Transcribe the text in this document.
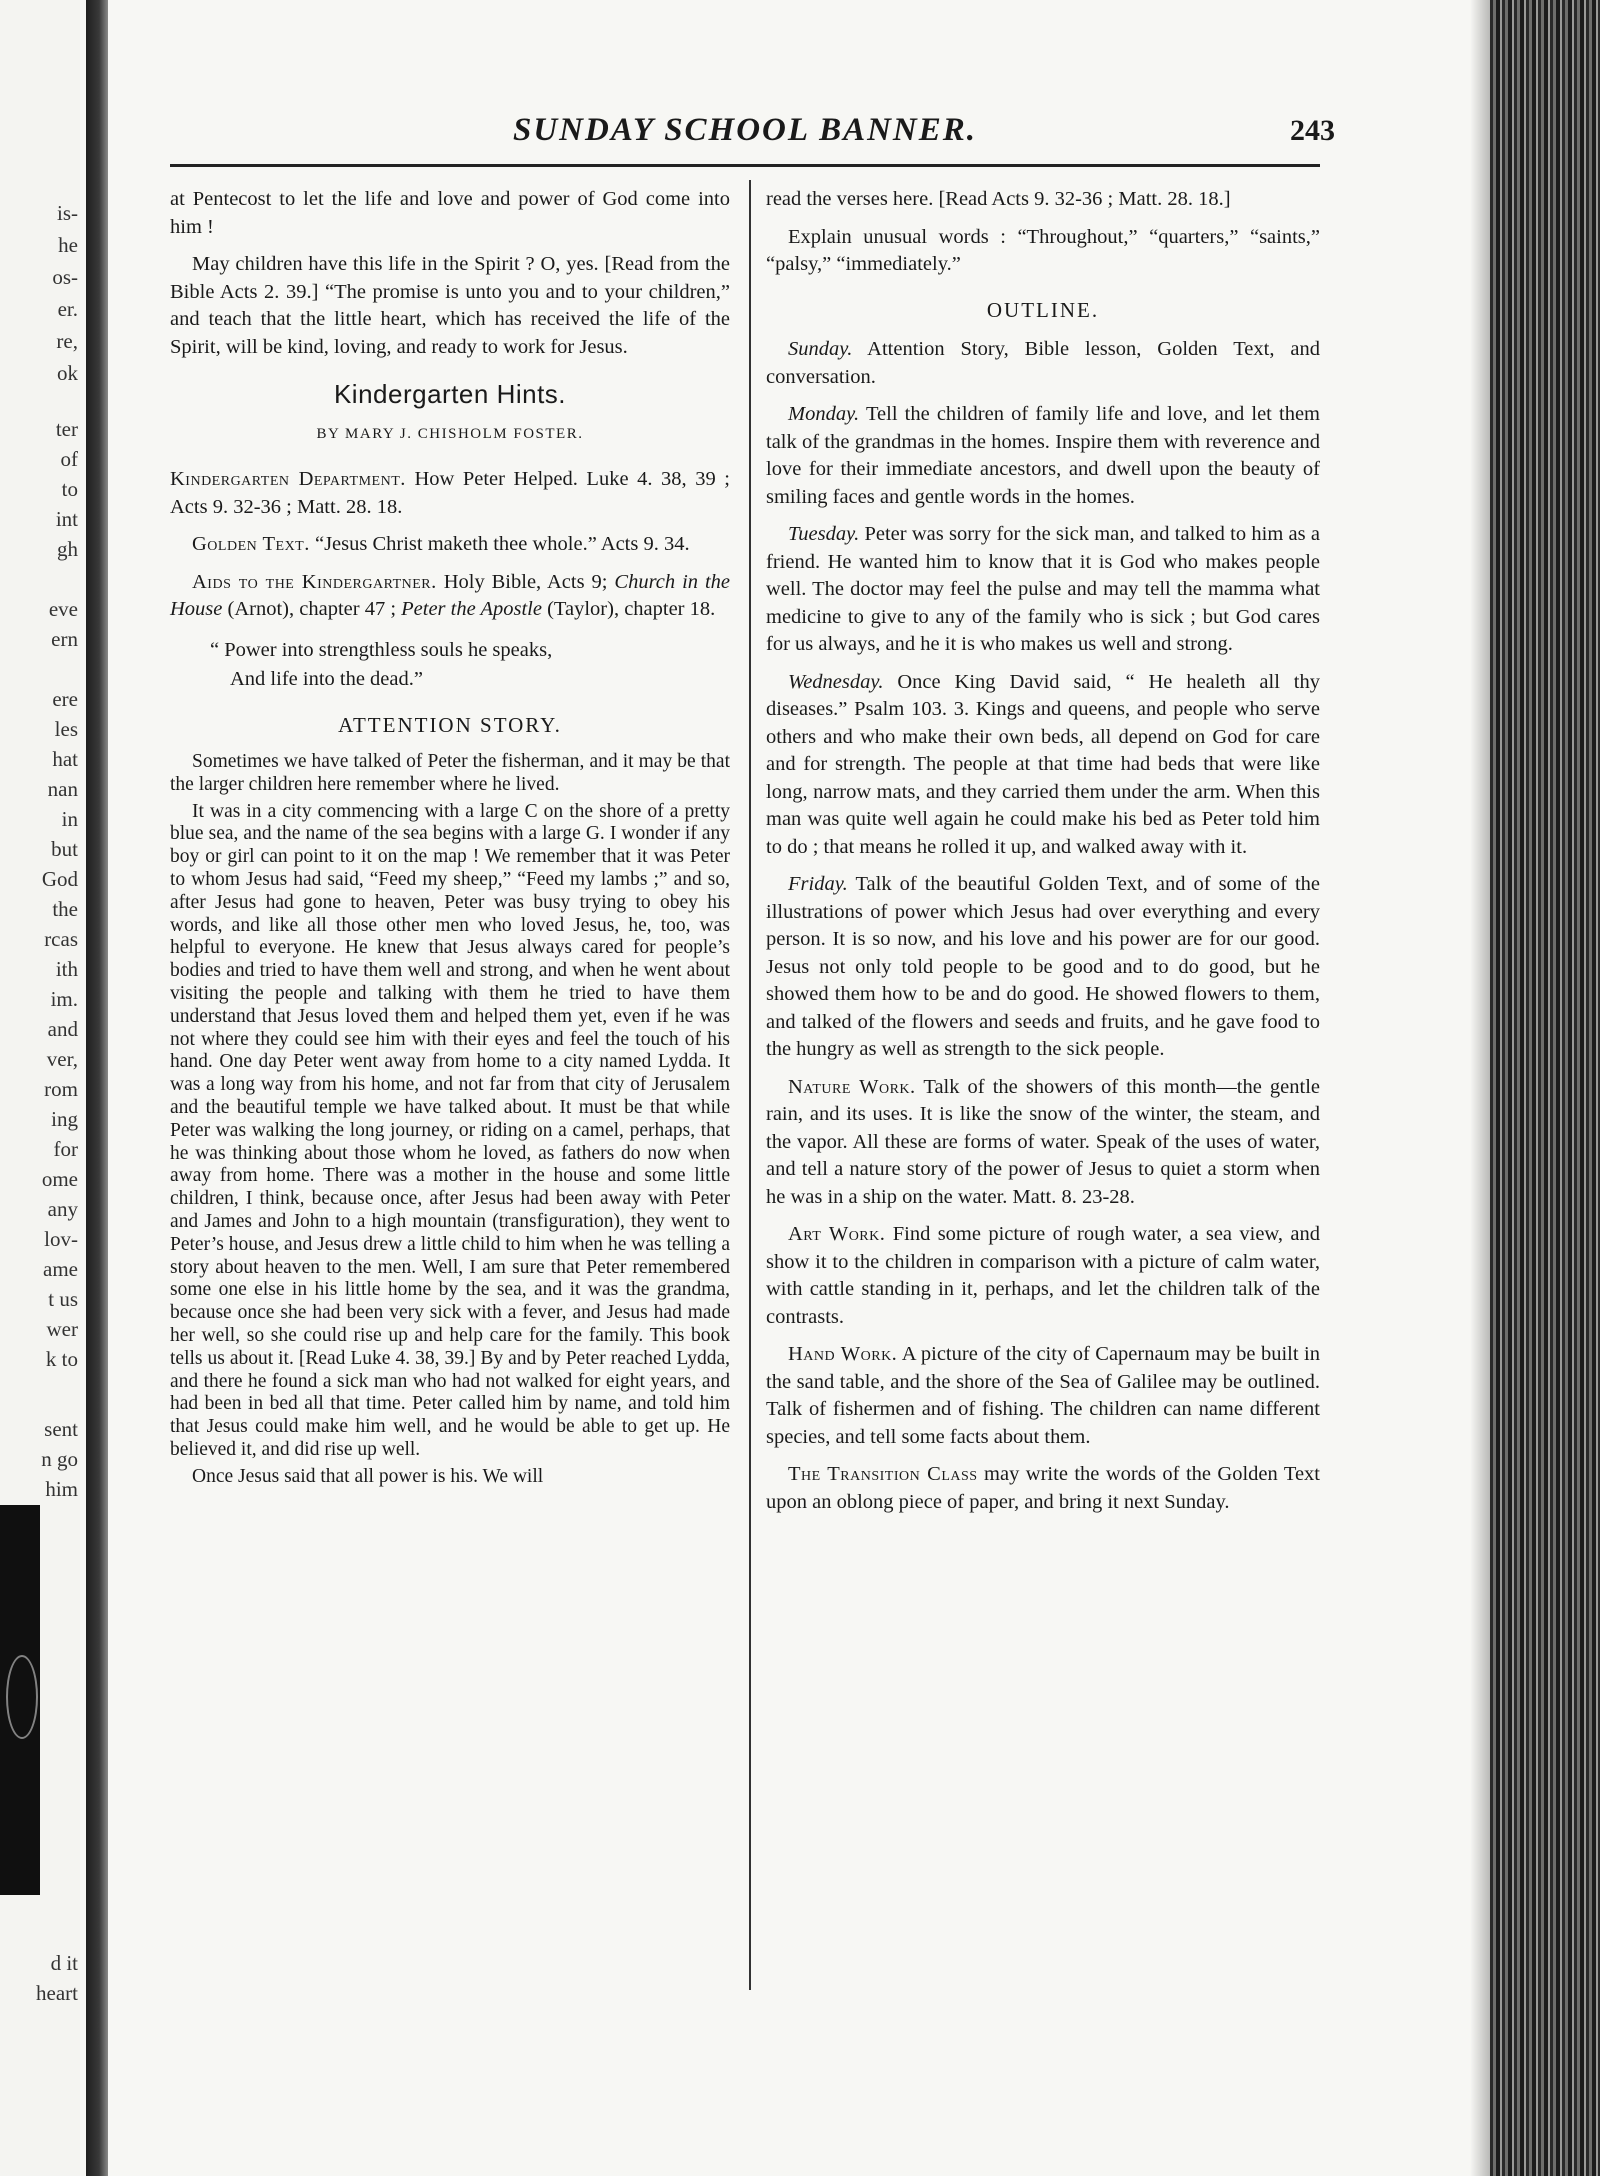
is-
he
os-
er.
re,
ok
ter
of
to
int
gh
eve
ern
ere
les
hat
nan
in
but
God
the
rcas
ith
im.
and
ver,
rom
ing
for
ome
any
lov-
ame
t us
wer
k to
sent
n go
him
d it
heart
SUNDAY SCHOOL BANNER.	243

at Pentecost to let the life and love and power of God come into him !

May children have this life in the Spirit ? O, yes. [Read from the Bible Acts 2. 39.] “The promise is unto you and to your children,” and teach that the little heart, which has received the life of the Spirit, will be kind, loving, and ready to work for Jesus.

Kindergarten Hints.
BY MARY J. CHISHOLM FOSTER.

Kindergarten Department. How Peter Helped. Luke 4. 38, 39 ; Acts 9. 32-36 ; Matt. 28. 18.

Golden Text. “Jesus Christ maketh thee whole.” Acts 9. 34.

Aids to the Kindergartner. Holy Bible, Acts 9; Church in the House (Arnot), chapter 47 ; Peter the Apostle (Taylor), chapter 18.

“ Power into strengthless souls he speaks,
And life into the dead.”
ATTENTION STORY.

Sometimes we have talked of Peter the fisherman, and it may be that the larger children here remember where he lived.

It was in a city commencing with a large C on the shore of a pretty blue sea, and the name of the sea begins with a large G. I wonder if any boy or girl can point to it on the map ! We remember that it was Peter to whom Jesus had said, “Feed my sheep,” “Feed my lambs ;” and so, after Jesus had gone to heaven, Peter was busy trying to obey his words, and like all those other men who loved Jesus, he, too, was helpful to everyone. He knew that Jesus always cared for people’s bodies and tried to have them well and strong, and when he went about visiting the people and talking with them he tried to have them understand that Jesus loved them and helped them yet, even if he was not where they could see him with their eyes and feel the touch of his hand. One day Peter went away from home to a city named Lydda. It was a long way from his home, and not far from that city of Jerusalem and the beautiful temple we have talked about. It must be that while Peter was walking the long journey, or riding on a camel, perhaps, that he was thinking about those whom he loved, as fathers do now when away from home. There was a mother in the house and some little children, I think, because once, after Jesus had been away with Peter and James and John to a high mountain (transfiguration), they went to Peter’s house, and Jesus drew a little child to him when he was telling a story about heaven to the men. Well, I am sure that Peter remembered some one else in his little home by the sea, and it was the grandma, because once she had been very sick with a fever, and Jesus had made her well, so she could rise up and help care for the family. This book tells us about it. [Read Luke 4. 38, 39.] By and by Peter reached Lydda, and there he found a sick man who had not walked for eight years, and had been in bed all that time. Peter called him by name, and told him that Jesus could make him well, and he would be able to get up. He believed it, and did rise up well.

Once Jesus said that all power is his. We will

read the verses here. [Read Acts 9. 32-36 ; Matt. 28. 18.]

Explain unusual words : “Throughout,” “quarters,” “saints,” “palsy,” “immediately.”

OUTLINE.

Sunday. Attention Story, Bible lesson, Golden Text, and conversation.

Monday. Tell the children of family life and love, and let them talk of the grandmas in the homes. Inspire them with reverence and love for their immediate ancestors, and dwell upon the beauty of smiling faces and gentle words in the homes.

Tuesday. Peter was sorry for the sick man, and talked to him as a friend. He wanted him to know that it is God who makes people well. The doctor may feel the pulse and may tell the mamma what medicine to give to any of the family who is sick ; but God cares for us always, and he it is who makes us well and strong.

Wednesday. Once King David said, “ He healeth all thy diseases.” Psalm 103. 3. Kings and queens, and people who serve others and who make their own beds, all depend on God for care and for strength. The people at that time had beds that were like long, narrow mats, and they carried them under the arm. When this man was quite well again he could make his bed as Peter told him to do ; that means he rolled it up, and walked away with it.

Friday. Talk of the beautiful Golden Text, and of some of the illustrations of power which Jesus had over everything and every person. It is so now, and his love and his power are for our good. Jesus not only told people to be good and to do good, but he showed them how to be and do good. He showed flowers to them, and talked of the flowers and seeds and fruits, and he gave food to the hungry as well as strength to the sick people.

Nature Work. Talk of the showers of this month—the gentle rain, and its uses. It is like the snow of the winter, the steam, and the vapor. All these are forms of water. Speak of the uses of water, and tell a nature story of the power of Jesus to quiet a storm when he was in a ship on the water. Matt. 8. 23-28.

Art Work. Find some picture of rough water, a sea view, and show it to the children in comparison with a picture of calm water, with cattle standing in it, perhaps, and let the children talk of the contrasts.

Hand Work. A picture of the city of Capernaum may be built in the sand table, and the shore of the Sea of Galilee may be outlined. Talk of fishermen and of fishing. The children can name different species, and tell some facts about them.

The Transition Class may write the words of the Golden Text upon an oblong piece of paper, and bring it next Sunday.
